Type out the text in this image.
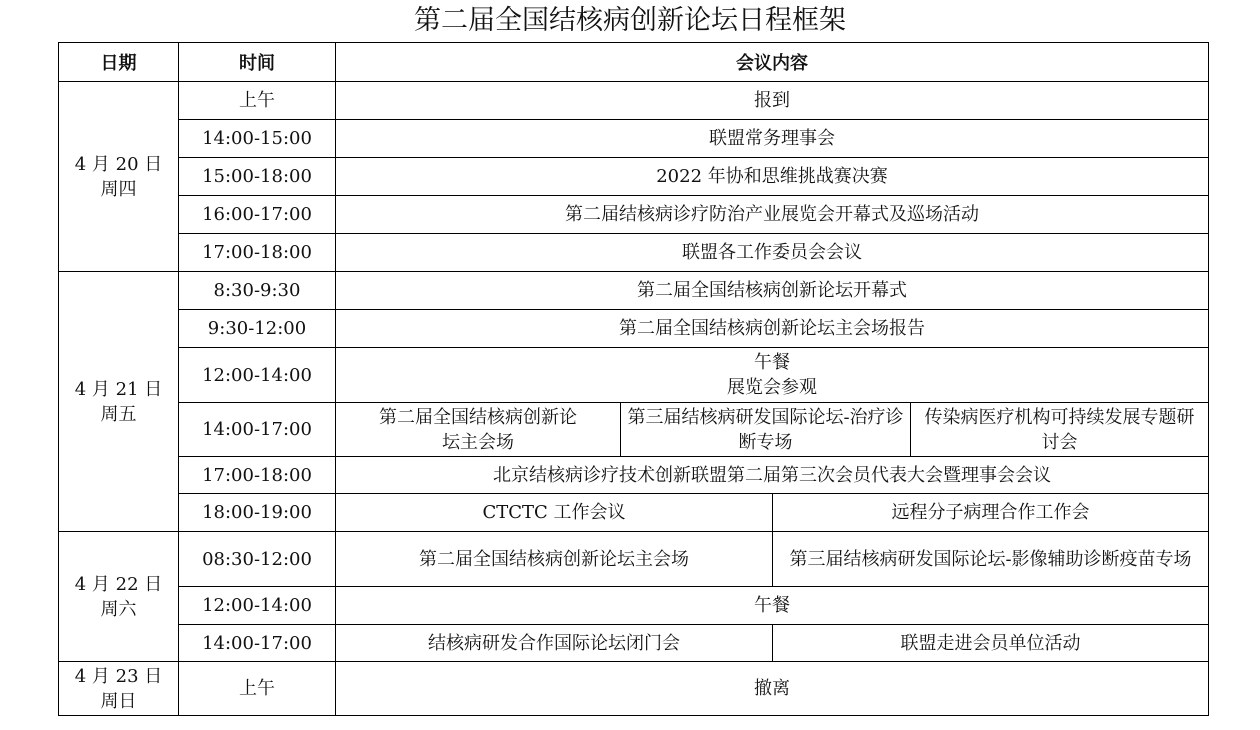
第二届全国结核病创新论坛日程框架
日期	时间	会议内容			

4 月 20 日
周四	上午	报到			
	14:00-15:00	联盟常务理事会			
	15:00-18:00	2022 年协和思维挑战赛决赛			
	16:00-17:00	第二届结核病诊疗防治产业展览会开幕式及巡场活动			
	17:00-18:00	联盟各工作委员会会议			

4 月 21 日
周五	8:30-9:30	第二届全国结核病创新论坛开幕式			
	9:30-12:00	第二届全国结核病创新论坛主会场报告			
	12:00-14:00	午餐
展览会参观			

	14:00-17:00	第二届全国结核病创新论坛主会场	第三届结核病研发国际论坛-治疗诊断专场		传染病医疗机构可持续发展专题研讨会
	17:00-18:00	北京结核病诊疗技术创新联盟第二届第三次会员代表大会暨理事会会议			
	18:00-19:00	CTCTC 工作会议		远程分子病理合作工作会	

4 月 22 日
周六	08:30-12:00	第二届全国结核病创新论坛主会场		第三届结核病研发国际论坛-影像辅助诊断疫苗专场	
	12:00-14:00	午餐			
	14:00-17:00	结核病研发合作国际论坛闭门会		联盟走进会员单位活动	

4 月 23 日
周日	上午	撤离			
